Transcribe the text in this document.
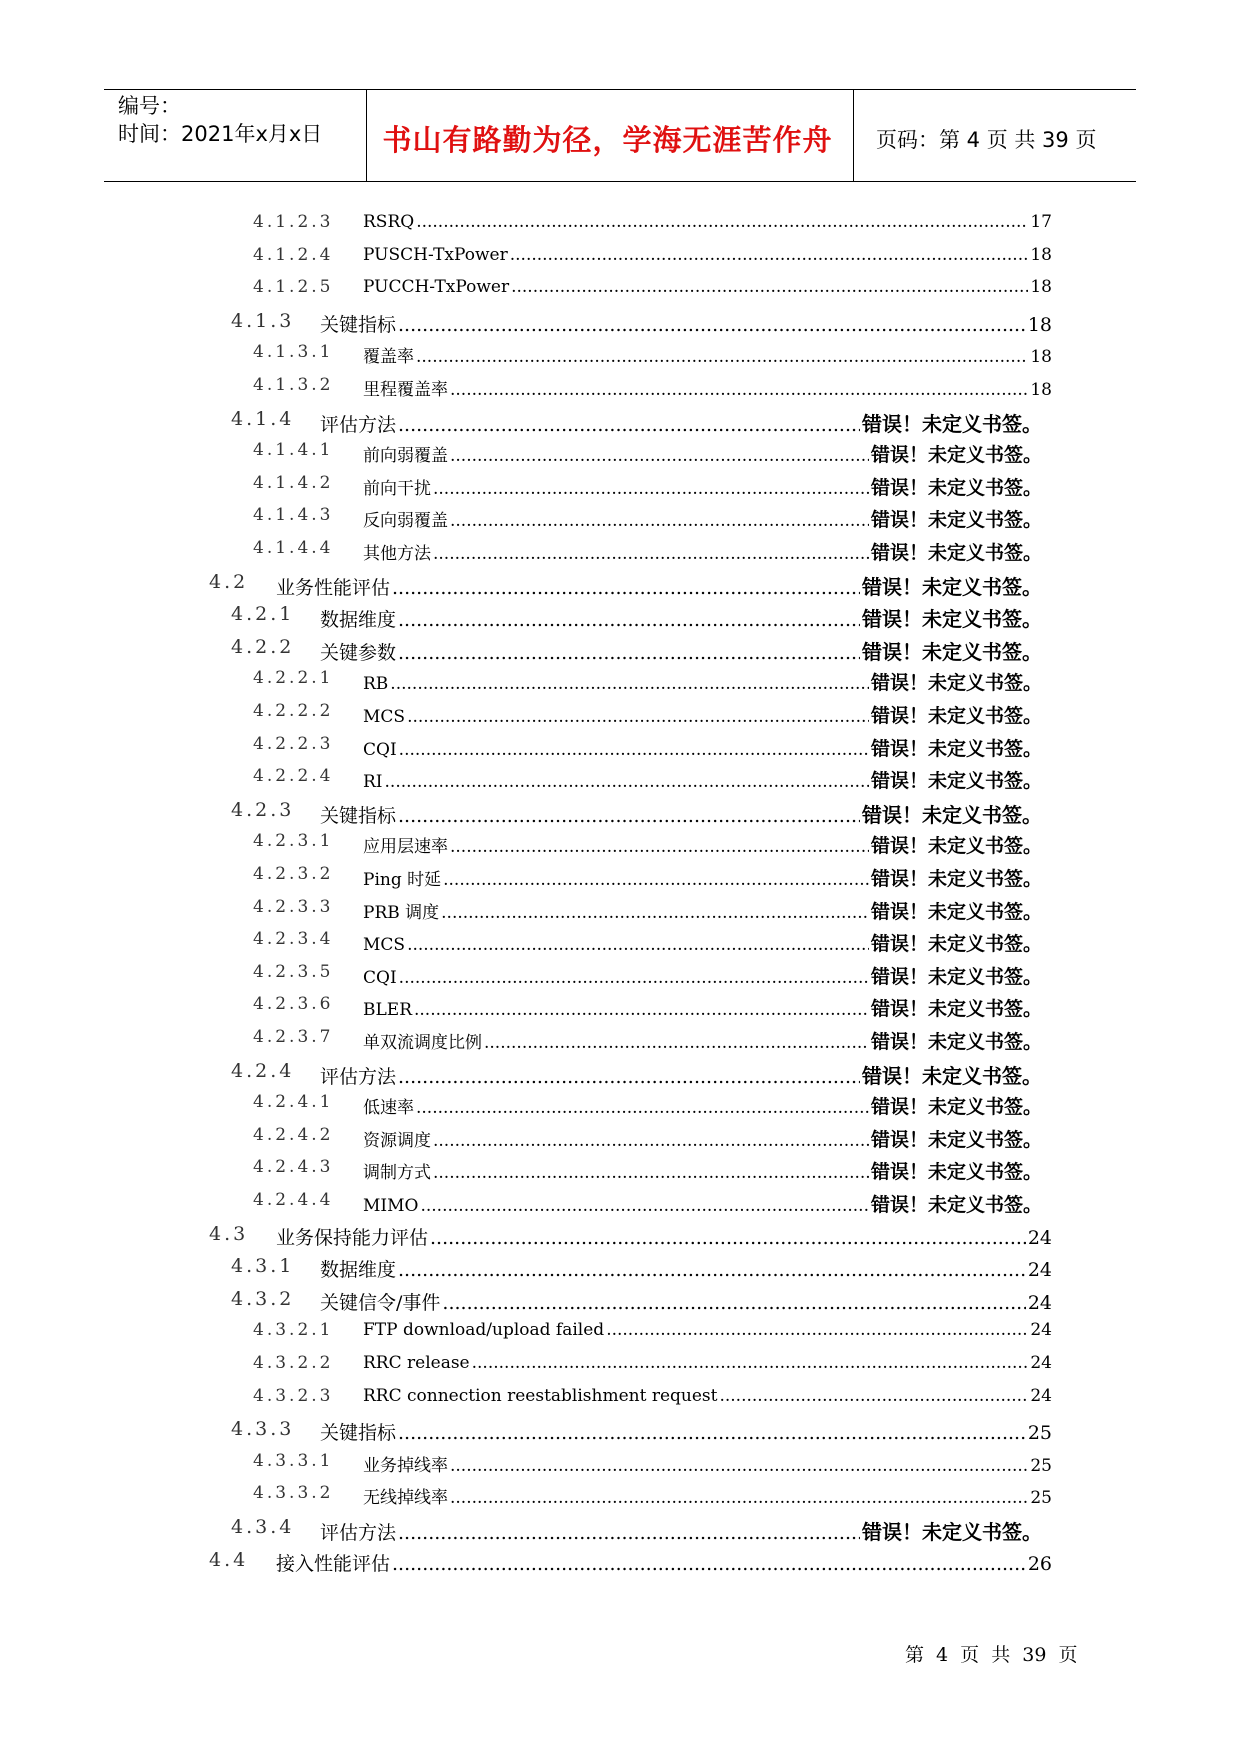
编号：
时间：2021年x月x日	书山有路勤为径，学海无涯苦作舟	页码：第 4 页 共 39 页
4.1.2.3 RSRQ .....	17
4.1.2.4 PUSCH-TxPower .....	18
4.1.2.5 PUCCH-TxPower .....	18
4.1.3 关键指标 .....	18
4.1.3.1 覆盖率 .....	18
4.1.3.2 里程覆盖率 .....	18
4.1.4 评估方法 .....	错误！未定义书签。
4.1.4.1 前向弱覆盖 .....	错误！未定义书签。
4.1.4.2 前向干扰 .....	错误！未定义书签。
4.1.4.3 反向弱覆盖 .....	错误！未定义书签。
4.1.4.4 其他方法 .....	错误！未定义书签。
4.2 业务性能评估 .....	错误！未定义书签。
4.2.1 数据维度 .....	错误！未定义书签。
4.2.2 关键参数 .....	错误！未定义书签。
4.2.2.1 RB .....	错误！未定义书签。
4.2.2.2 MCS .....	错误！未定义书签。
4.2.2.3 CQI .....	错误！未定义书签。
4.2.2.4 RI .....	错误！未定义书签。
4.2.3 关键指标 .....	错误！未定义书签。
4.2.3.1 应用层速率 .....	错误！未定义书签。
4.2.3.2 Ping 时延 .....	错误！未定义书签。
4.2.3.3 PRB 调度 .....	错误！未定义书签。
4.2.3.4 MCS .....	错误！未定义书签。
4.2.3.5 CQI .....	错误！未定义书签。
4.2.3.6 BLER .....	错误！未定义书签。
4.2.3.7 单双流调度比例 .....	错误！未定义书签。
4.2.4 评估方法 .....	错误！未定义书签。
4.2.4.1 低速率 .....	错误！未定义书签。
4.2.4.2 资源调度 .....	错误！未定义书签。
4.2.4.3 调制方式 .....	错误！未定义书签。
4.2.4.4 MIMO .....	错误！未定义书签。
4.3 业务保持能力评估 .....	24
4.3.1 数据维度 .....	24
4.3.2 关键信令/事件 .....	24
4.3.2.1 FTP download/upload failed .....	24
4.3.2.2 RRC release .....	24
4.3.2.3 RRC connection reestablishment request .....	24
4.3.3 关键指标 .....	25
4.3.3.1 业务掉线率 .....	25
4.3.3.2 无线掉线率 .....	25
4.3.4 评估方法 .....	错误！未定义书签。
4.4 接入性能评估 .....	26
第 4 页 共 39 页
